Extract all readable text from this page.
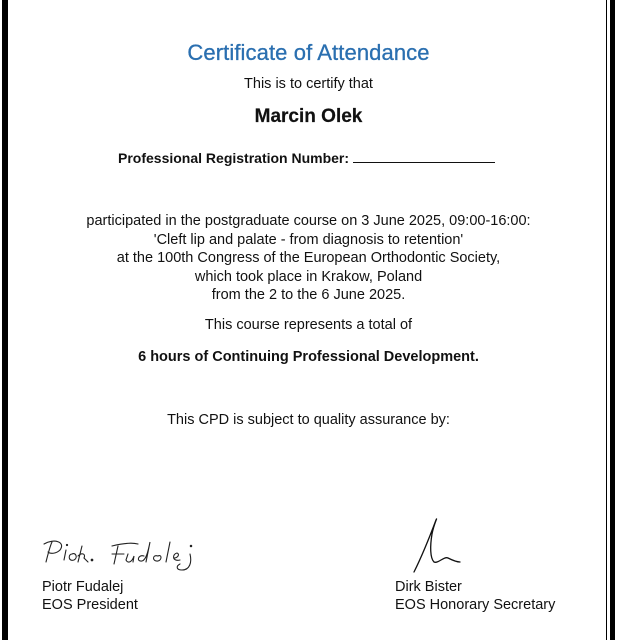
Certificate of Attendance
This is to certify that
Marcin Olek
Professional Registration Number:
participated in the postgraduate course on 3 June 2025, 09:00-16:00:
'Cleft lip and palate - from diagnosis to retention'
at the 100th Congress of the European Orthodontic Society,
which took place in Krakow, Poland
from the 2 to the 6 June 2025.
This course represents a total of
6 hours of Continuing Professional Development.
This CPD is subject to quality assurance by:
Piotr Fudalej
EOS President
Dirk Bister
EOS Honorary Secretary
